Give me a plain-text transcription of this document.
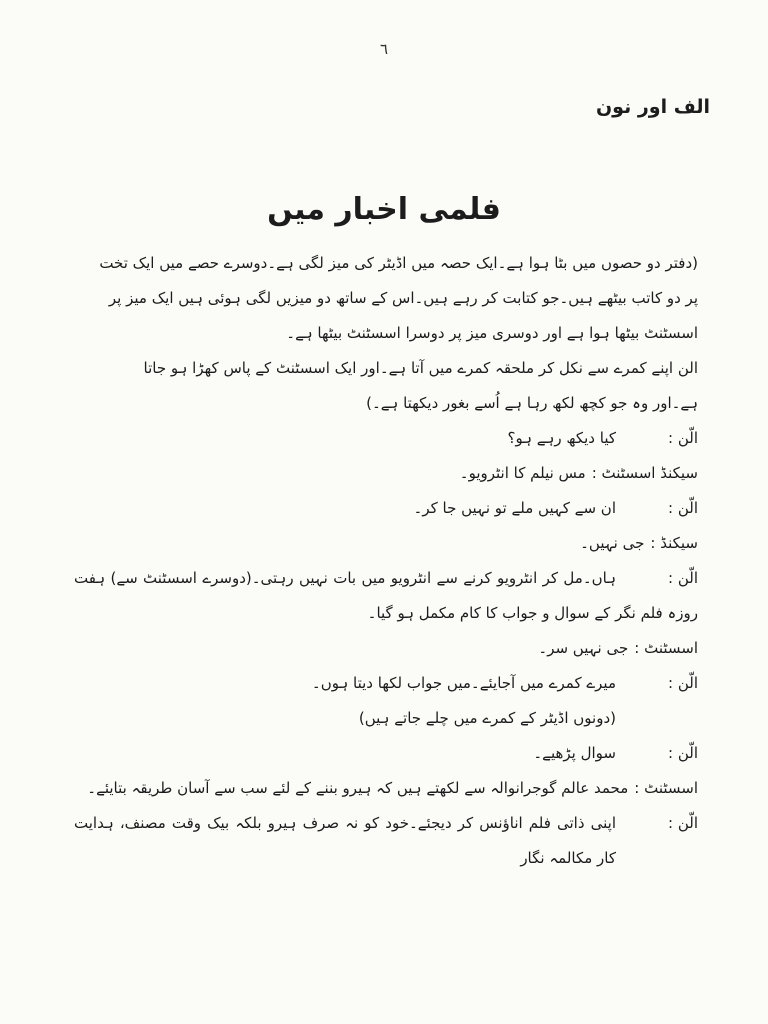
٦
الف اور نون
فلمی اخبار میں
(دفتر دو حصوں میں بٹا ہوا ہے۔ایک حصہ میں اڈیٹر کی میز لگی ہے۔دوسرے حصے میں ایک تخت
پر دو کاتب بیٹھے ہیں۔جو کتابت کر رہے ہیں۔اس کے ساتھ دو میزیں لگی ہوئی ہیں ایک میز پر
اسسٹنٹ بیٹھا ہوا ہے اور دوسری میز پر دوسرا اسسٹنٹ بیٹھا ہے۔
الن اپنے کمرے سے نکل کر ملحقہ کمرے میں آتا ہے۔اور ایک اسسٹنٹ کے پاس کھڑا ہو جاتا
ہے۔اور وہ جو کچھ لکھ رہا ہے اُسے بغور دیکھتا ہے۔)
الّن :
کیا دیکھ رہے ہو؟
سیکنڈ اسسٹنٹ :مس نیلم کا انٹرویو۔
الّن :
ان سے کہیں ملے تو نہیں جا کر۔
سیکنڈ :جی نہیں۔
الّن :ہاں۔مل کر انٹرویو کرنے سے انٹرویو میں بات نہیں رہتی۔(دوسرے اسسٹنٹ سے) ہفت روزہ فلم نگر کے سوال و جواب کا کام مکمل ہو گیا۔
اسسٹنٹ :جی نہیں سر۔
الّن :
میرے کمرے میں آجایئے۔میں جواب لکھا دیتا ہوں۔
(دونوں اڈیٹر کے کمرے میں چلے جاتے ہیں)
الّن :
سوال پڑھیے۔
اسسٹنٹ :محمد عالم گوجرانوالہ سے لکھتے ہیں کہ ہیرو بننے کے لئے سب سے آسان طریقہ بتایئے۔
الّن :
اپنی ذاتی فلم اناؤنس کر دیجئے۔خود کو نہ صرف ہیرو بلکہ بیک وقت مصنف، ہدایت کار مکالمہ نگار
